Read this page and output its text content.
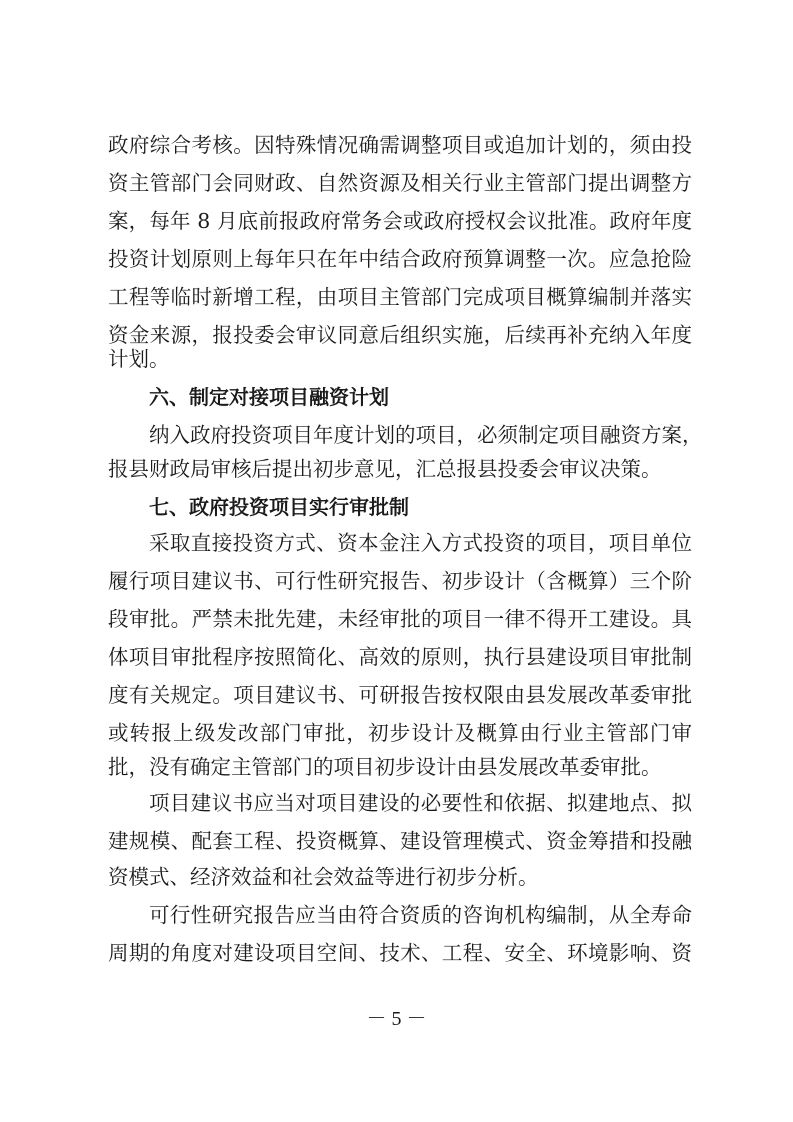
政府综合考核。因特殊情况确需调整项目或追加计划的，须由投
资主管部门会同财政、自然资源及相关行业主管部门提出调整方
案，每年 8 月底前报政府常务会或政府授权会议批准。政府年度
投资计划原则上每年只在年中结合政府预算调整一次。应急抢险
工程等临时新增工程，由项目主管部门完成项目概算编制并落实
资金来源，报投委会审议同意后组织实施，后续再补充纳入年度
计划。
六、制定对接项目融资计划
纳入政府投资项目年度计划的项目，必须制定项目融资方案，
报县财政局审核后提出初步意见，汇总报县投委会审议决策。
七、政府投资项目实行审批制
采取直接投资方式、资本金注入方式投资的项目，项目单位
履行项目建议书、可行性研究报告、初步设计（含概算）三个阶
段审批。严禁未批先建，未经审批的项目一律不得开工建设。具
体项目审批程序按照简化、高效的原则，执行县建设项目审批制
度有关规定。项目建议书、可研报告按权限由县发展改革委审批
或转报上级发改部门审批，初步设计及概算由行业主管部门审
批，没有确定主管部门的项目初步设计由县发展改革委审批。
项目建议书应当对项目建设的必要性和依据、拟建地点、拟
建规模、配套工程、投资概算、建设管理模式、资金筹措和投融
资模式、经济效益和社会效益等进行初步分析。
可行性研究报告应当由符合资质的咨询机构编制，从全寿命
周期的角度对建设项目空间、技术、工程、安全、环境影响、资
－ 5 －
